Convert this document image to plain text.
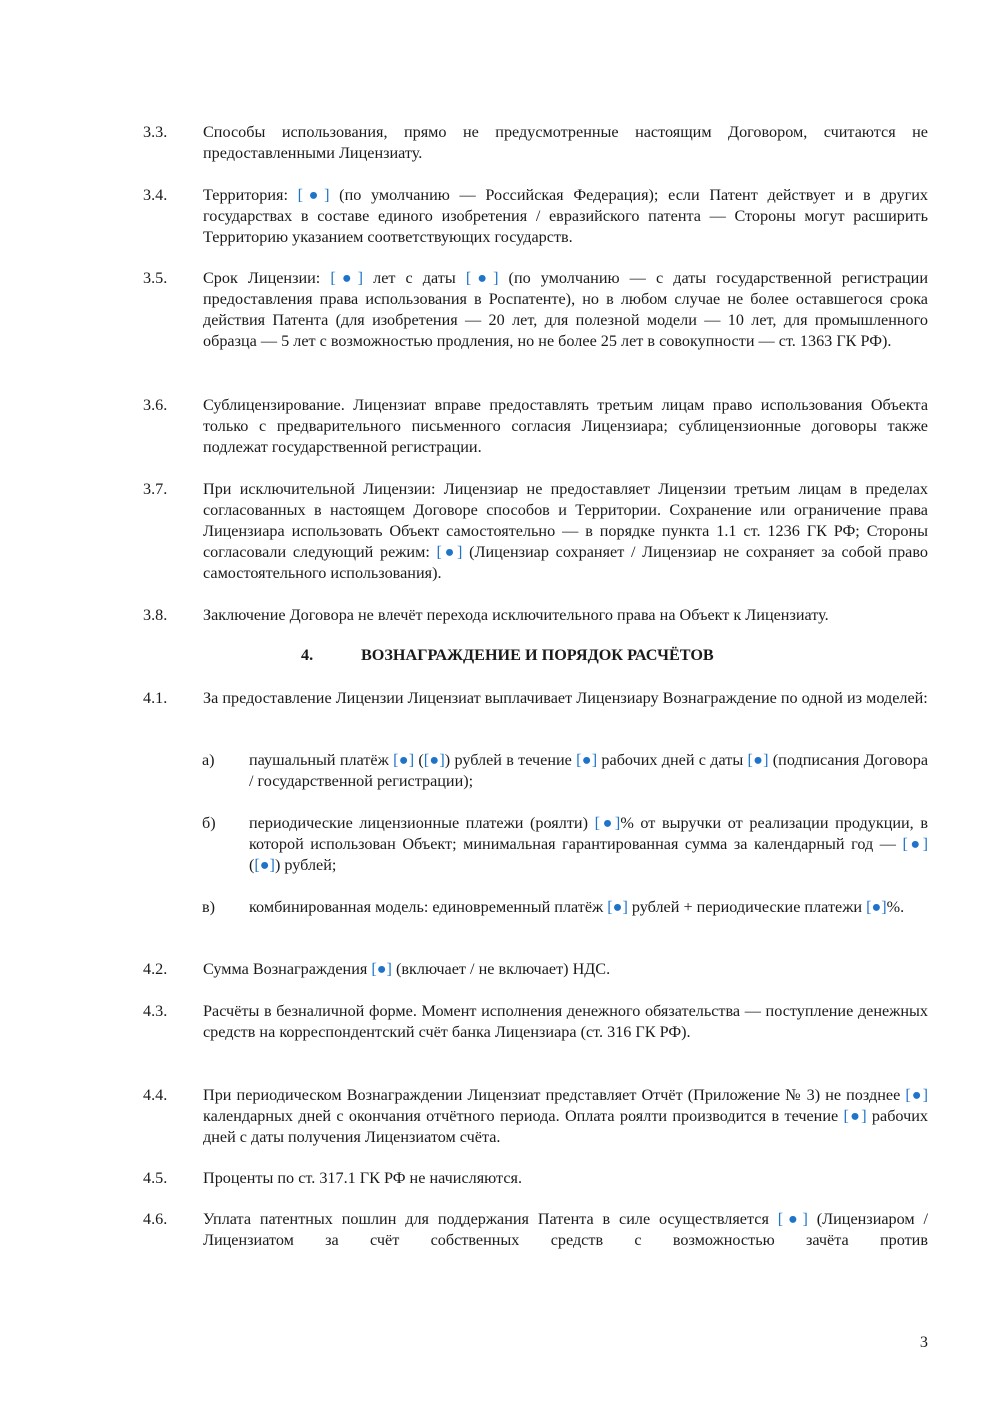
3.3. Способы использования, прямо не предусмотренные настоящим Договором, считаются не предоставленными Лицензиату.
3.4. Территория: [●] (по умолчанию — Российская Федерация); если Патент действует и в других государствах в составе единого изобретения / евразийского патента — Стороны могут расширить Территорию указанием соответствующих государств.
3.5. Срок Лицензии: [●] лет с даты [●] (по умолчанию — с даты государственной регистрации предоставления права использования в Роспатенте), но в любом случае не более оставшегося срока действия Патента (для изобретения — 20 лет, для полезной модели — 10 лет, для промышленного образца — 5 лет с возможностью продления, но не более 25 лет в совокупности — ст. 1363 ГК РФ).
3.6. Сублицензирование. Лицензиат вправе предоставлять третьим лицам право использования Объекта только с предварительного письменного согласия Лицензиара; сублицензионные договоры также подлежат государственной регистрации.
3.7. При исключительной Лицензии: Лицензиар не предоставляет Лицензии третьим лицам в пределах согласованных в настоящем Договоре способов и Территории. Сохранение или ограничение права Лицензиара использовать Объект самостоятельно — в порядке пункта 1.1 ст. 1236 ГК РФ; Стороны согласовали следующий режим: [●] (Лицензиар сохраняет / Лицензиар не сохраняет за собой право самостоятельного использования).
3.8. Заключение Договора не влечёт перехода исключительного права на Объект к Лицензиату.
4.	ВОЗНАГРАЖДЕНИЕ И ПОРЯДОК РАСЧЁТОВ
4.1. За предоставление Лицензии Лицензиат выплачивает Лицензиару Вознаграждение по одной из моделей:
а) паушальный платёж [●] ([●]) рублей в течение [●] рабочих дней с даты [●] (подписания Договора / государственной регистрации);
б) периодические лицензионные платежи (роялти) [●]% от выручки от реализации продукции, в которой использован Объект; минимальная гарантированная сумма за календарный год — [●] ([●]) рублей;
в) комбинированная модель: единовременный платёж [●] рублей + периодические платежи [●]%.
4.2. Сумма Вознаграждения [●] (включает / не включает) НДС.
4.3. Расчёты в безналичной форме. Момент исполнения денежного обязательства — поступление денежных средств на корреспондентский счёт банка Лицензиара (ст. 316 ГК РФ).
4.4. При периодическом Вознаграждении Лицензиат представляет Отчёт (Приложение № 3) не позднее [●] календарных дней с окончания отчётного периода. Оплата роялти производится в течение [●] рабочих дней с даты получения Лицензиатом счёта.
4.5. Проценты по ст. 317.1 ГК РФ не начисляются.
4.6. Уплата патентных пошлин для поддержания Патента в силе осуществляется [●] (Лицензиаром / Лицензиатом за счёт собственных средств с возможностью зачёта против
3
